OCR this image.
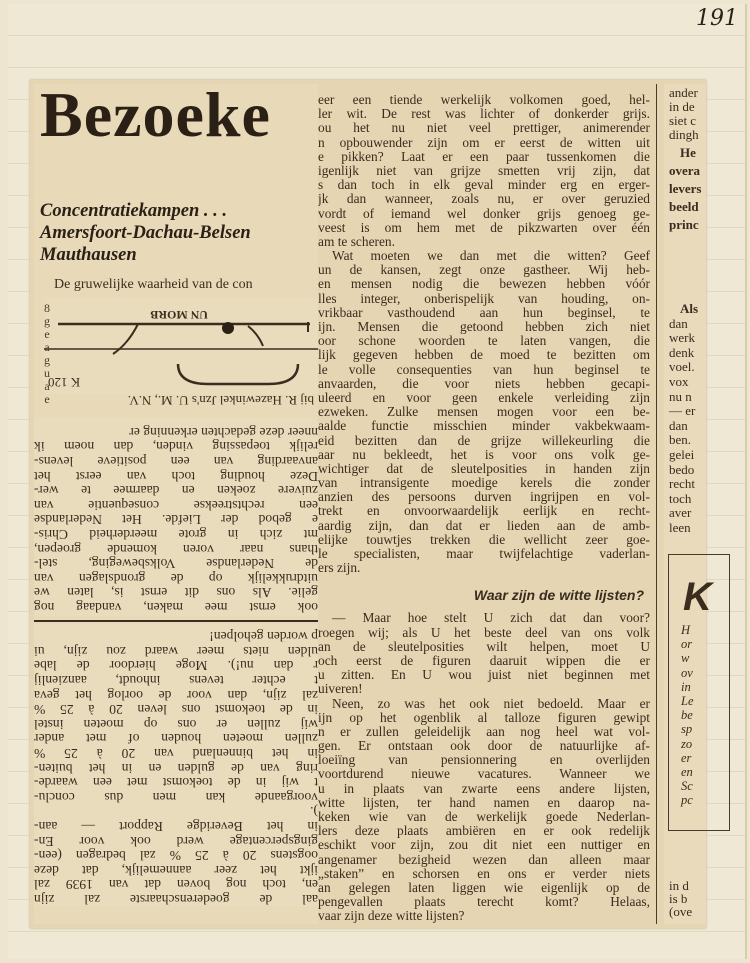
191
K
H
or
w
ov
in
Le
be
sp
zo
er
en
Sc
pc
ander
in de
siet c
dingh
He
overa
levers
beeld
princ
Als
dan
werk
denk
voel.
vox
nu n
— er
dan
ben.
gelei
bedo
recht
toch
aver
leen
in d
is b
(ove
eer een tiende werkelijk volkomen goed, hel-
ler wit. De rest was lichter of donkerder grijs.
ou het nu niet veel prettiger, animerender
n opbouwender zijn om er eerst de witten uit
e pikken? Laat er een paar tussenkomen die
igenlijk niet van grijze smetten vrij zijn, dat
s dan toch in elk geval minder erg en erger-
jk dan wanneer, zoals nu, er over geruzied
vordt of iemand wel donker grijs genoeg ge-
veest is om hem met de pikzwarten over één
am te scheren.
Wat moeten we dan met die witten? Geef
un de kansen, zegt onze gastheer. Wij heb-
en mensen nodig die bewezen hebben vóór
lles integer, onberispelijk van houding, on-
vrikbaar vasthoudend aan hun beginsel, te
ijn. Mensen die getoond hebben zich niet
oor schone woorden te laten vangen, die
lijk gegeven hebben de moed te bezitten om
le volle consequenties van hun beginsel te
anvaarden, die voor niets hebben gecapi-
uleerd en voor geen enkele verleiding zijn
ezweken. Zulke mensen mogen voor een be-
aalde functie misschien minder vakbekwaam-
eid bezitten dan de grijze willekeurling die
aar nu bekleedt, het is voor ons volk ge-
wichtiger dat de sleutelposities in handen zijn
van intransigente moedige kerels die zonder
anzien des persoons durven ingrijpen en vol-
trekt en onvoorwaardelijk eerlijk en recht-
aardig zijn, dan dat er lieden aan de amb-
elijke touwtjes trekken die wellicht zeer goe-
le specialisten, maar twijfelachtige vaderlan-
ers zijn.
Waar zijn de witte lijsten?
— Maar hoe stelt U zich dat dan voor?
roegen wij; als U het beste deel van ons volk
an de sleutelposities wilt helpen, moet U
och eerst de figuren daaruit wippen die er
u zitten. En U wou juist niet beginnen met
uiveren!
Neen, zo was het ook niet bedoeld. Maar er
ijn op het ogenblik al talloze figuren gewipt
n er zullen geleidelijk aan nog heel wat vol-
gen. Er ontstaan ook door de natuurlijke af-
loeiïng van pensionnering en overlijden
voortdurend nieuwe vacatures. Wanneer we
u in plaats van zwarte eens andere lijsten,
witte lijsten, ter hand namen en daarop na-
keken wie van de werkelijk goede Nederlan-
lers deze plaats ambiëren en er ook redelijk
eschikt voor zijn, zou dit niet een nuttiger en
angenamer bezigheid wezen dan alleen maar
„staken” en schorsen en ons er verder niets
an gelegen laten liggen wie eigenlijk op de
pengevallen plaats terecht komt? Helaas,
vaar zijn deze witte lijsten?
Bezoeke
Concentratiekampen . . .
Amersfoort-Dachau-Belsen
Mauthausen
De gruwelijke waarheid van de con
UN MORB
K 120
bij R. Hazewinkel Jzn's U. M., N.V.
ook ernst mee maken, vandaag nog
gelie. Als ons dit ernst is, laten we
uitdrukkelijk op de grondslagen van
de Nederlandse Volksbeweging, stel-
thans naar voren komende groepen,
mt zich in grote meerderheid Chris-
e gebod der Liefde. Het Nederlandse
een rechtstreekse consequentie van
zuivere zoeken en daarmee te wer-
Deze houding toch van eerst het
anvaarding van een positieve levens-
relijk toepassing vinden, dan noem ik
nneer deze gedachten erkenning er
aal de goederenschaarste zal zijn
en, toch nog boven dat van 1939 zal
ijkt het zeer aannemelijk, dat deze
oogstens 20 à 25 % zal bedragen (een-
gingspercentage werd ook voor En-
in het Beveridge Rapport — aan-
).
voorgaande kan men dus conclu-
t wij in de toekomst met een waarde-
ring van de gulden en in het buiten-
in het binnenland van 20 à 25 %
zullen moeten houden of met ander
wij zullen er ons op moeten instel
in de toekomst ons leven 20 à 25 %
zal zijn, dan voor de oorlog het geva
t echter tevens inhoudt, aanzienlij
r dan nu!). Moge hierdoor de labe
ulden niets meer waard zou zijn, ui
p worden geholpen!
8
g
e
a
g
u
a
e
